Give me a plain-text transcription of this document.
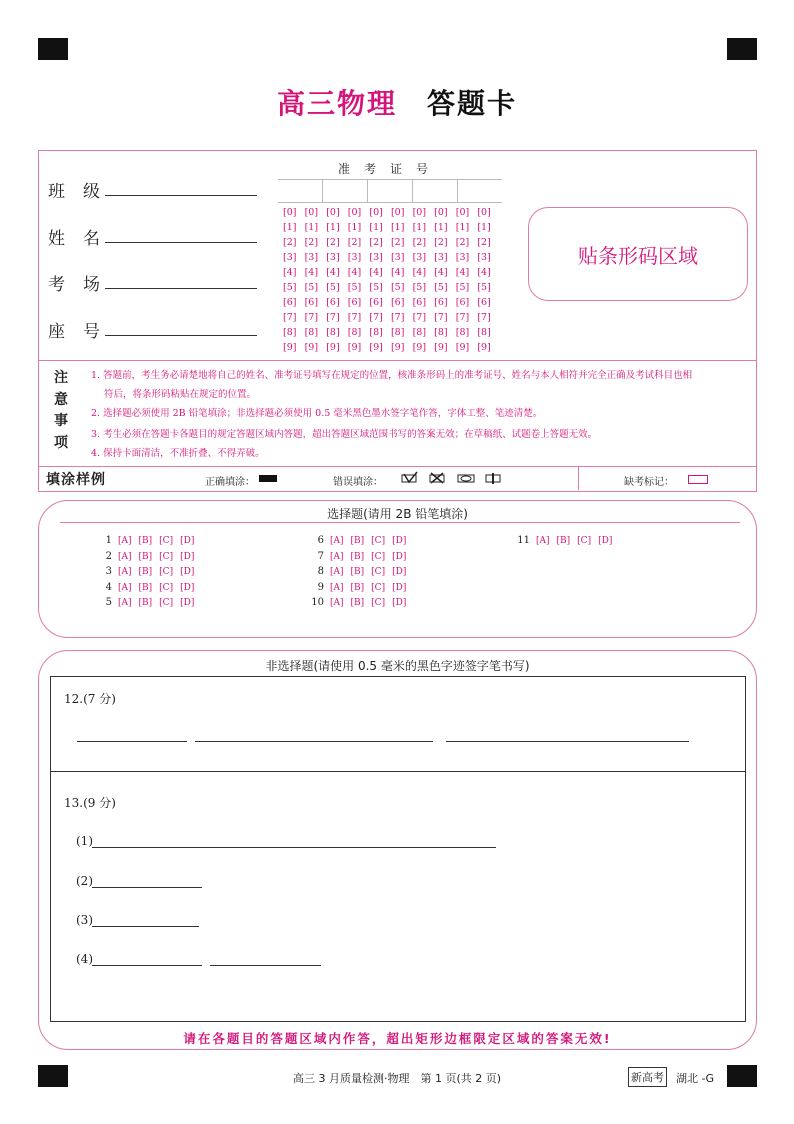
高三物理 答题卡
班级
姓名
考场
座号
准考证号
[0] [0] [0] [0] [0] [0] [0] [0] [0] [0]
[1] [1] [1] [1] [1] [1] [1] [1] [1] [1]
[2] [2] [2] [2] [2] [2] [2] [2] [2] [2]
[3] [3] [3] [3] [3] [3] [3] [3] [3] [3]
[4] [4] [4] [4] [4] [4] [4] [4] [4] [4]
[5] [5] [5] [5] [5] [5] [5] [5] [5] [5]
[6] [6] [6] [6] [6] [6] [6] [6] [6] [6]
[7] [7] [7] [7] [7] [7] [7] [7] [7] [7]
[8] [8] [8] [8] [8] [8] [8] [8] [8] [8]
[9] [9] [9] [9] [9] [9] [9] [9] [9] [9]
贴条形码区域
注意事项
1. 答题前，考生务必请楚地将自己的姓名、准考证号填写在规定的位置，核准条形码上的准考证号、姓名与本人相符并完全正确及考试科目也相
符后，将条形码粘贴在规定的位置。
2. 选择题必须使用 2B 铅笔填涂；非选择题必须使用 0.5 毫米黑色墨水签字笔作答，字体工整、笔迹清楚。
3. 考生必须在答题卡各题目的规定答题区域内答题，超出答题区域范围书写的答案无效；在草稿纸、试题卷上答题无效。
4. 保持卡面清洁，不准折叠、不得弄破。
填涂样例	正确填涂：	错误填涂：	缺考标记：
选择题(请用 2B 铅笔填涂)
1 [A] [B] [C] [D]
2 [A] [B] [C] [D]
3 [A] [B] [C] [D]
4 [A] [B] [C] [D]
5 [A] [B] [C] [D]
6 [A] [B] [C] [D]
7 [A] [B] [C] [D]
8 [A] [B] [C] [D]
9 [A] [B] [C] [D]
10 [A] [B] [C] [D]
11 [A] [B] [C] [D]
非选择题(请使用 0.5 毫米的黑色字迹签字笔书写)
12.(7 分)
13.(9 分)
(1)
(2)
(3)
(4)
请在各题目的答题区域内作答，超出矩形边框限定区域的答案无效!
高三 3 月质量检测·物理　第 1 页(共 2 页)	新高考 湖北 -G
